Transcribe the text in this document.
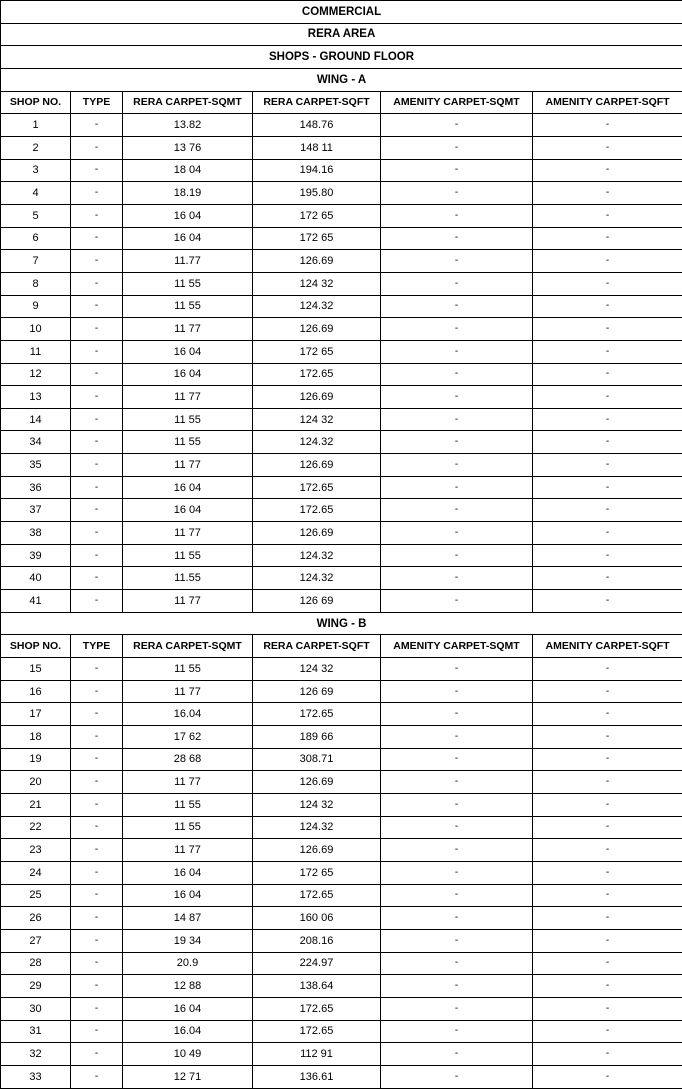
COMMERCIAL					
RERA AREA					
SHOPS - GROUND FLOOR					
WING - A					
SHOP NO.	TYPE	RERA CARPET-SQMT	RERA CARPET-SQFT	AMENITY CARPET-SQMT	AMENITY CARPET-SQFT
1	-	13.82	148.76	-	-
2	-	13 76	148 11	-	-
3	-	18 04	194.16	-	-
4	-	18.19	195.80	-	-
5	-	16 04	172 65	-	-
6	-	16 04	172 65	-	-
7	-	11.77	126.69	-	-
8	-	11 55	124 32	-	-
9	-	11 55	124.32	-	-
10	-	11 77	126.69	-	-
11	-	16 04	172 65	-	-
12	-	16 04	172.65	-	-
13	-	11 77	126.69	-	-
14	-	11 55	124 32	-	-
34	-	11 55	124.32	-	-
35	-	11 77	126.69	-	-
36	-	16 04	172.65	-	-
37	-	16 04	172.65	-	-
38	-	11 77	126.69	-	-
39	-	11 55	124.32	-	-
40	-	11.55	124.32	-	-
41	-	11 77	126 69	-	-
WING - B					
SHOP NO.	TYPE	RERA CARPET-SQMT	RERA CARPET-SQFT	AMENITY CARPET-SQMT	AMENITY CARPET-SQFT
15	-	11 55	124 32	-	-
16	-	11 77	126 69	-	-
17	-	16.04	172.65	-	-
18	-	17 62	189 66	-	-
19	-	28 68	308.71	-	-
20	-	11 77	126.69	-	-
21	-	11 55	124 32	-	-
22	-	11 55	124.32	-	-
23	-	11 77	126.69	-	-
24	-	16 04	172 65	-	-
25	-	16 04	172.65	-	-
26	-	14 87	160 06	-	-
27	-	19 34	208.16	-	-
28	-	20.9	224.97	-	-
29	-	12 88	138.64	-	-
30	-	16 04	172.65	-	-
31	-	16.04	172.65	-	-
32	-	10 49	112 91	-	-
33	-	12 71	136.61	-	-
